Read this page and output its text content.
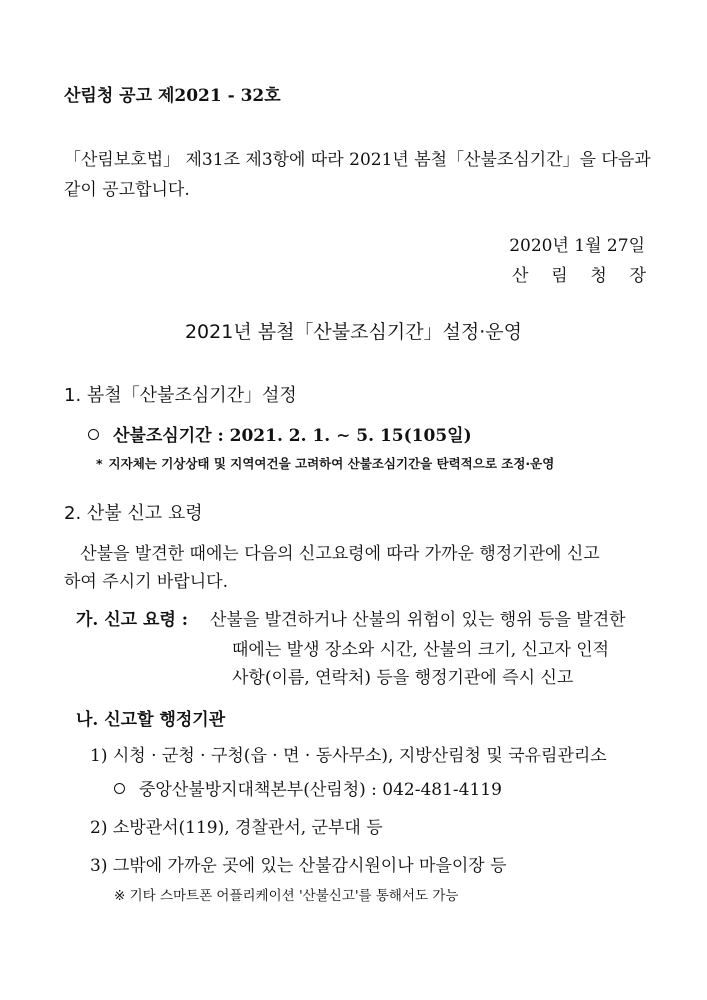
산림청 공고 제2021 - 32호
「산림보호법」 제31조 제3항에 따라 2021년 봄철「산불조심기간」을 다음과
같이 공고합니다.
2020년 1월 27일
산 림 청 장
2021년 봄철「산불조심기간」설정·운영
1. 봄철「산불조심기간」설정
산불조심기간 : 2021. 2. 1. ∼ 5. 15(105일)
* 지자체는 기상상태 및 지역여건을 고려하여 산불조심기간을 탄력적으로 조정·운영
2. 산불 신고 요령
산불을 발견한 때에는 다음의 신고요령에 따라 가까운 행정기관에 신고
하여 주시기 바랍니다.
가. 신고 요령 : 산불을 발견하거나 산불의 위험이 있는 행위 등을 발견한
때에는 발생 장소와 시간, 산불의 크기, 신고자 인적
사항(이름, 연락처) 등을 행정기관에 즉시 신고
나. 신고할 행정기관
1) 시청 · 군청 · 구청(읍 · 면 · 동사무소), 지방산림청 및 국유림관리소
중앙산불방지대책본부(산림청) : 042-481-4119
2) 소방관서(119), 경찰관서, 군부대 등
3) 그밖에 가까운 곳에 있는 산불감시원이나 마을이장 등
※ 기타 스마트폰 어플리케이션 '산불신고'를 통해서도 가능
